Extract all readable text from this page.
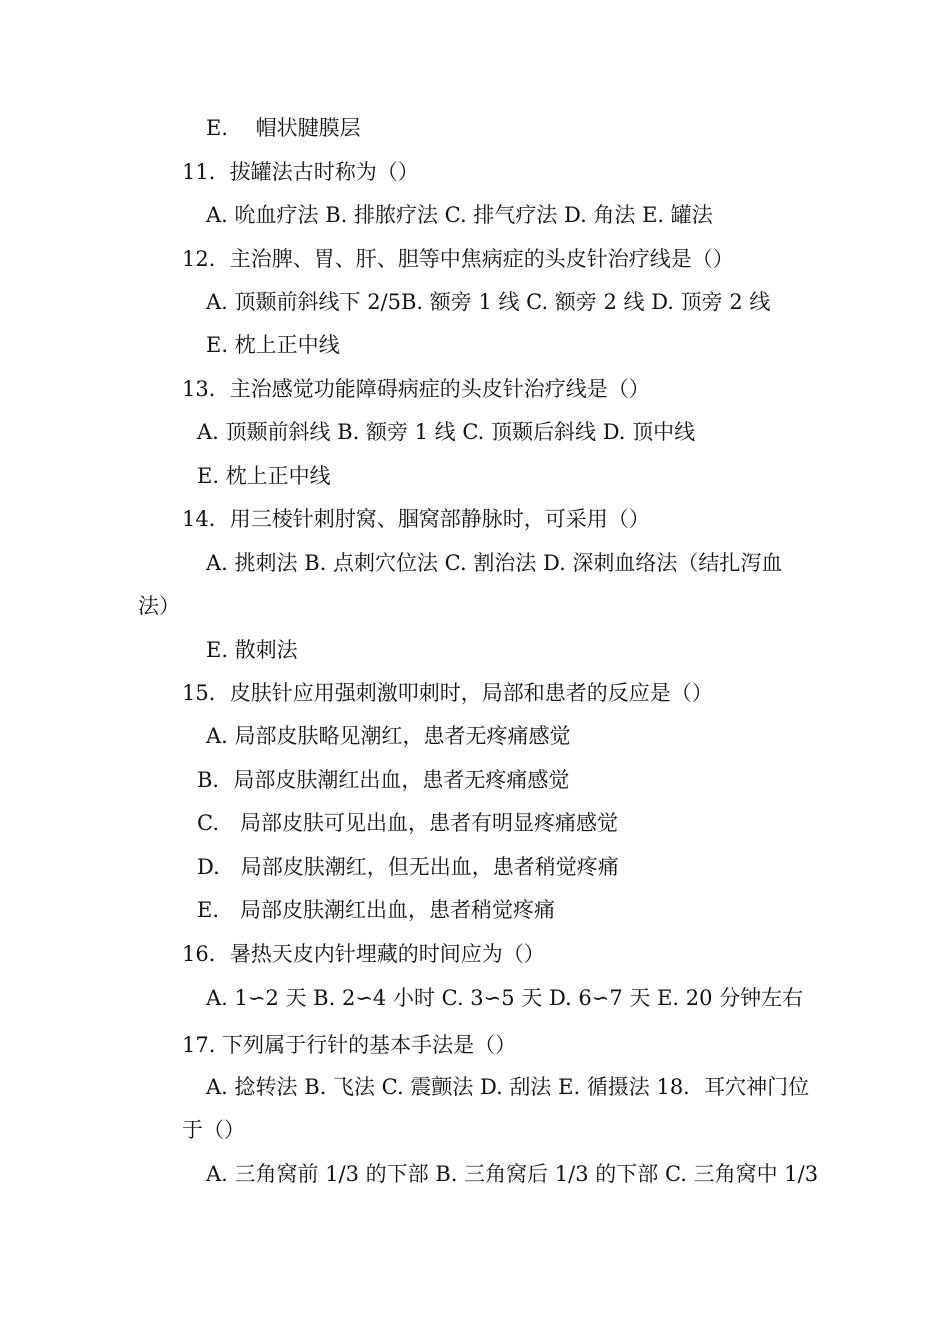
E.　 帽状腱膜层
11．拔罐法古时称为（）
A. 吮血疗法 B. 排脓疗法 C. 排气疗法 D. 角法 E. 罐法
12．主治脾、胃、肝、胆等中焦病症的头皮针治疗线是（）
A. 顶颞前斜线下 2/5B. 额旁 1 线 C. 额旁 2 线 D. 顶旁 2 线
E. 枕上正中线
13．主治感觉功能障碍病症的头皮针治疗线是（）
A. 顶颞前斜线 B. 额旁 1 线 C. 顶颞后斜线 D. 顶中线
E. 枕上正中线
14．用三棱针刺肘窝、腘窝部静脉时，可采用（）
A. 挑刺法 B. 点刺穴位法 C. 割治法 D. 深刺血络法（结扎泻血
法）
E. 散刺法
15．皮肤针应用强刺激叩刺时，局部和患者的反应是（）
A. 局部皮肤略见潮红，患者无疼痛感觉
B．局部皮肤潮红出血，患者无疼痛感觉
C.　局部皮肤可见出血，患者有明显疼痛感觉
D.　局部皮肤潮红，但无出血，患者稍觉疼痛
E.　局部皮肤潮红出血，患者稍觉疼痛
16．暑热天皮内针埋藏的时间应为（）
A. 1∽2 天 B. 2∽4 小时 C. 3∽5 天 D. 6∽7 天 E. 20 分钟左右
17. 下列属于行针的基本手法是（）
A. 捻转法 B. 飞法 C. 震颤法 D. 刮法 E. 循摄法 18．耳穴神门位
于（）
A. 三角窝前 1/3 的下部 B. 三角窝后 1/3 的下部 C. 三角窝中 1/3
